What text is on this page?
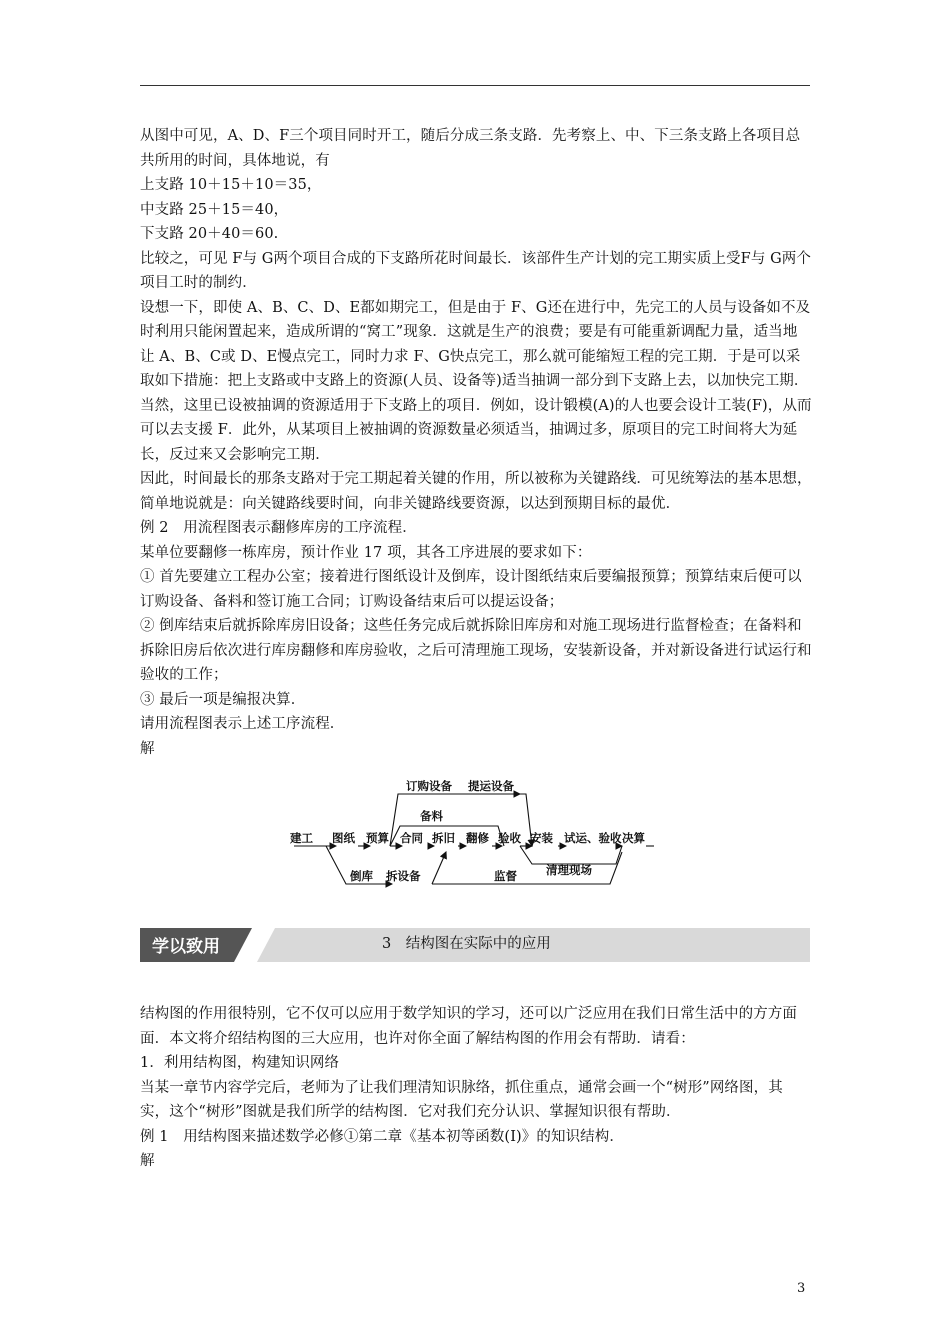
从图中可见，A、D、F三个项目同时开工，随后分成三条支路．先考察上、中、下三条支路上各项目总共所用的时间，具体地说，有

上支路 10＋15＋10＝35，

中支路 25＋15＝40，

下支路 20＋40＝60.

比较之，可见 F与 G两个项目合成的下支路所花时间最长．该部件生产计划的完工期实质上受F与 G两个项目工时的制约．

设想一下，即使 A、B、C、D、E都如期完工，但是由于 F、G还在进行中，先完工的人员与设备如不及时利用只能闲置起来，造成所谓的“窝工”现象．这就是生产的浪费；要是有可能重新调配力量，适当地让 A、B、C或 D、E慢点完工，同时力求 F、G快点完工，那么就可能缩短工程的完工期．于是可以采取如下措施：把上支路或中支路上的资源(人员、设备等)适当抽调一部分到下支路上去，以加快完工期．当然，这里已设被抽调的资源适用于下支路上的项目．例如，设计锻模(A)的人也要会设计工装(F)，从而可以去支援 F．此外，从某项目上被抽调的资源数量必须适当，抽调过多，原项目的完工时间将大为延长，反过来又会影响完工期．

因此，时间最长的那条支路对于完工期起着关键的作用，所以被称为关键路线．可见统筹法的基本思想，简单地说就是：向关键路线要时间，向非关键路线要资源，以达到预期目标的最优．

例 2　用流程图表示翻修库房的工序流程．

某单位要翻修一栋库房，预计作业 17 项，其各工序进展的要求如下：

① 首先要建立工程办公室；接着进行图纸设计及倒库，设计图纸结束后要编报预算；预算结束后便可以订购设备、备料和签订施工合同；订购设备结束后可以提运设备；

② 倒库结束后就拆除库房旧设备；这些任务完成后就拆除旧库房和对施工现场进行监督检查；在备料和拆除旧房后依次进行库房翻修和库房验收，之后可清理施工现场，安装新设备，并对新设备进行试运行和验收的工作；

③ 最后一项是编报决算．

请用流程图表示上述工序流程．

解

建工 图纸 预算 合同 拆旧 翻修 验收 安装 试运、验收 决算
订购设备 提运设备
备料
清理现场
倒库 拆设备	监督
学以致用	3　结构图在实际中的应用

结构图的作用很特别，它不仅可以应用于数学知识的学习，还可以广泛应用在我们日常生活中的方方面面．本文将介绍结构图的三大应用，也许对你全面了解结构图的作用会有帮助．请看：

1．利用结构图，构建知识网络

当某一章节内容学完后，老师为了让我们理清知识脉络，抓住重点，通常会画一个“树形”网络图，其实，这个“树形”图就是我们所学的结构图．它对我们充分认识、掌握知识很有帮助．

例 1　用结构图来描述数学必修①第二章《基本初等函数(Ⅰ)》的知识结构．

解

3
